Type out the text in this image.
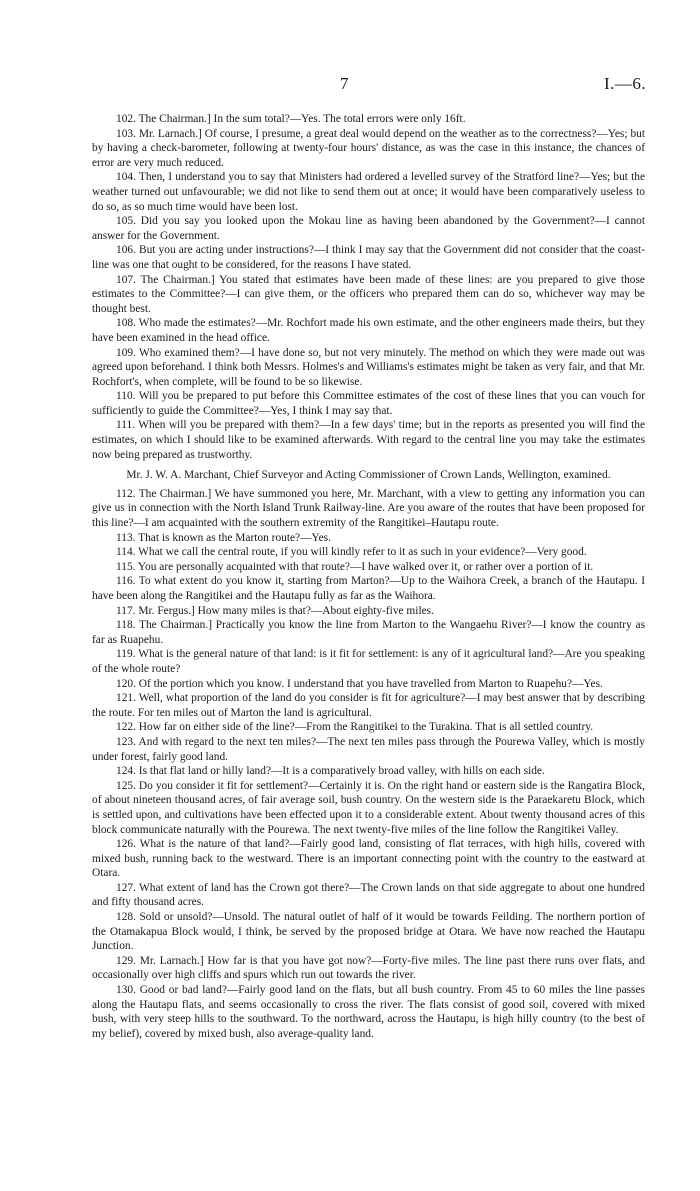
7	I.—6.

102. The Chairman.] In the sum total?—Yes. The total errors were only 16ft.

103. Mr. Larnach.] Of course, I presume, a great deal would depend on the weather as to the correctness?—Yes; but by having a check-barometer, following at twenty-four hours' distance, as was the case in this instance, the chances of error are very much reduced.

104. Then, I understand you to say that Ministers had ordered a levelled survey of the Stratford line?—Yes; but the weather turned out unfavourable; we did not like to send them out at once; it would have been comparatively useless to do so, as so much time would have been lost.

105. Did you say you looked upon the Mokau line as having been abandoned by the Government?—I cannot answer for the Government.

106. But you are acting under instructions?—I think I may say that the Government did not consider that the coast-line was one that ought to be considered, for the reasons I have stated.

107. The Chairman.] You stated that estimates have been made of these lines: are you prepared to give those estimates to the Committee?—I can give them, or the officers who prepared them can do so, whichever way may be thought best.

108. Who made the estimates?—Mr. Rochfort made his own estimate, and the other engineers made theirs, but they have been examined in the head office.

109. Who examined them?—I have done so, but not very minutely. The method on which they were made out was agreed upon beforehand. I think both Messrs. Holmes's and Williams's estimates might be taken as very fair, and that Mr. Rochfort's, when complete, will be found to be so likewise.

110. Will you be prepared to put before this Committee estimates of the cost of these lines that you can vouch for sufficiently to guide the Committee?—Yes, I think I may say that.

111. When will you be prepared with them?—In a few days' time; but in the reports as presented you will find the estimates, on which I should like to be examined afterwards. With regard to the central line you may take the estimates now being prepared as trustworthy.

Mr. J. W. A. Marchant, Chief Surveyor and Acting Commissioner of Crown Lands, Wellington, examined.

112. The Chairman.] We have summoned you here, Mr. Marchant, with a view to getting any information you can give us in connection with the North Island Trunk Railway-line. Are you aware of the routes that have been proposed for this line?—I am acquainted with the southern extremity of the Rangitikei–Hautapu route.

113. That is known as the Marton route?—Yes.

114. What we call the central route, if you will kindly refer to it as such in your evidence?—Very good.

115. You are personally acquainted with that route?—I have walked over it, or rather over a portion of it.

116. To what extent do you know it, starting from Marton?—Up to the Waihora Creek, a branch of the Hautapu. I have been along the Rangitikei and the Hautapu fully as far as the Waihora.

117. Mr. Fergus.] How many miles is that?—About eighty-five miles.

118. The Chairman.] Practically you know the line from Marton to the Wangaehu River?—I know the country as far as Ruapehu.

119. What is the general nature of that land: is it fit for settlement: is any of it agricultural land?—Are you speaking of the whole route?

120. Of the portion which you know. I understand that you have travelled from Marton to Ruapehu?—Yes.

121. Well, what proportion of the land do you consider is fit for agriculture?—I may best answer that by describing the route. For ten miles out of Marton the land is agricultural.

122. How far on either side of the line?—From the Rangitikei to the Turakina. That is all settled country.

123. And with regard to the next ten miles?—The next ten miles pass through the Pourewa Valley, which is mostly under forest, fairly good land.

124. Is that flat land or hilly land?—It is a comparatively broad valley, with hills on each side.

125. Do you consider it fit for settlement?—Certainly it is. On the right hand or eastern side is the Rangatira Block, of about nineteen thousand acres, of fair average soil, bush country. On the western side is the Paraekaretu Block, which is settled upon, and cultivations have been effected upon it to a considerable extent. About twenty thousand acres of this block communicate naturally with the Pourewa. The next twenty-five miles of the line follow the Rangitikei Valley.

126. What is the nature of that land?—Fairly good land, consisting of flat terraces, with high hills, covered with mixed bush, running back to the westward. There is an important connecting point with the country to the eastward at Otara.

127. What extent of land has the Crown got there?—The Crown lands on that side aggregate to about one hundred and fifty thousand acres.

128. Sold or unsold?—Unsold. The natural outlet of half of it would be towards Feilding. The northern portion of the Otamakapua Block would, I think, be served by the proposed bridge at Otara. We have now reached the Hautapu Junction.

129. Mr. Larnach.] How far is that you have got now?—Forty-five miles. The line past there runs over flats, and occasionally over high cliffs and spurs which run out towards the river.

130. Good or bad land?—Fairly good land on the flats, but all bush country. From 45 to 60 miles the line passes along the Hautapu flats, and seems occasionally to cross the river. The flats consist of good soil, covered with mixed bush, with very steep hills to the southward. To the northward, across the Hautapu, is high hilly country (to the best of my belief), covered by mixed bush, also average-quality land.
